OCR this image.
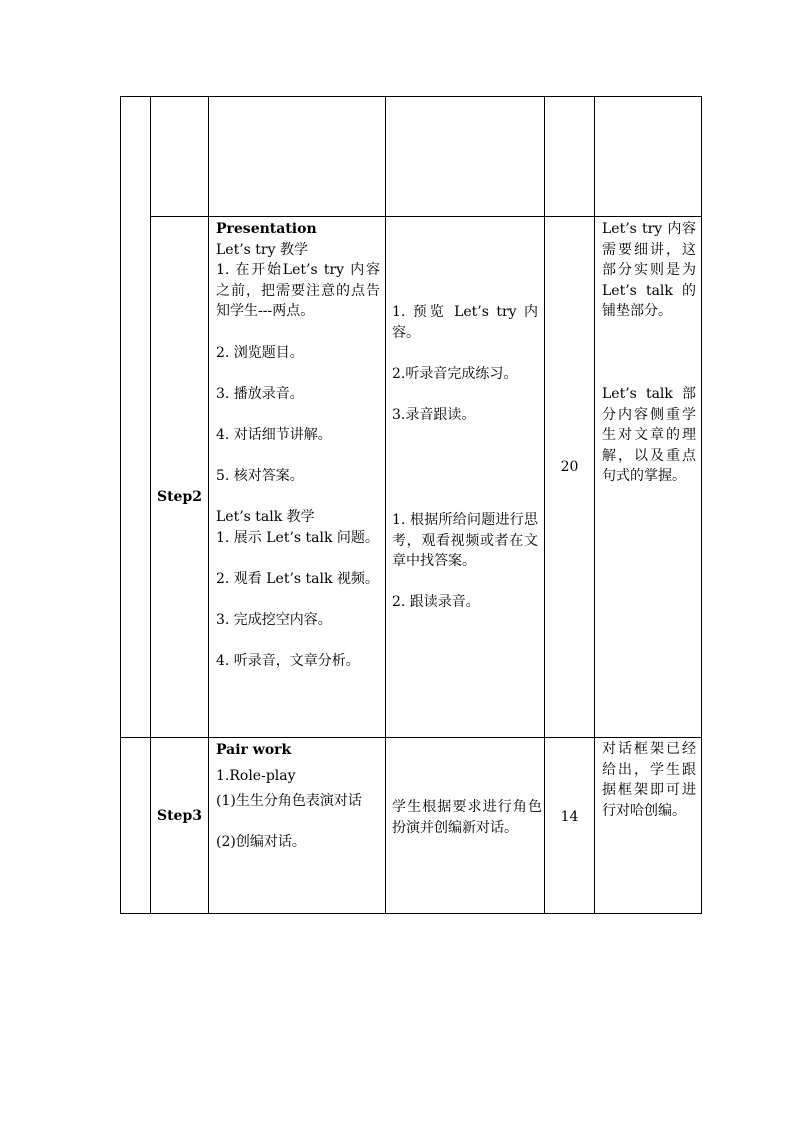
Step2

Presentation

Let’s try 教学

1. 在开始Let’s try 内容之前，把需要注意的点告知学生---两点。

2. 浏览题目。

3. 播放录音。

4. 对话细节讲解。

5. 核对答案。

Let’s talk 教学

1. 展示 Let’s talk 问题。

2. 观看 Let’s talk 视频。

3. 完成挖空内容。

4. 听录音，文章分析。

1. 预览 Let’s try 内容。

2.听录音完成练习。

3.录音跟读。

1. 根据所给问题进行思考，观看视频或者在文章中找答案。

2. 跟读录音。

20
Let’s try 内容需要细讲，这部分实则是为 Let’s talk 的铺垫部分。
Let’s talk 部分内容侧重学生对文章的理解，以及重点句式的掌握。
Step3

Pair work

1.Role-play

(1)生生分角色表演对话

(2)创编对话。

学生根据要求进行角色扮演并创编新对话。
14
对话框架已经给出，学生跟据框架即可进行对哈创编。
